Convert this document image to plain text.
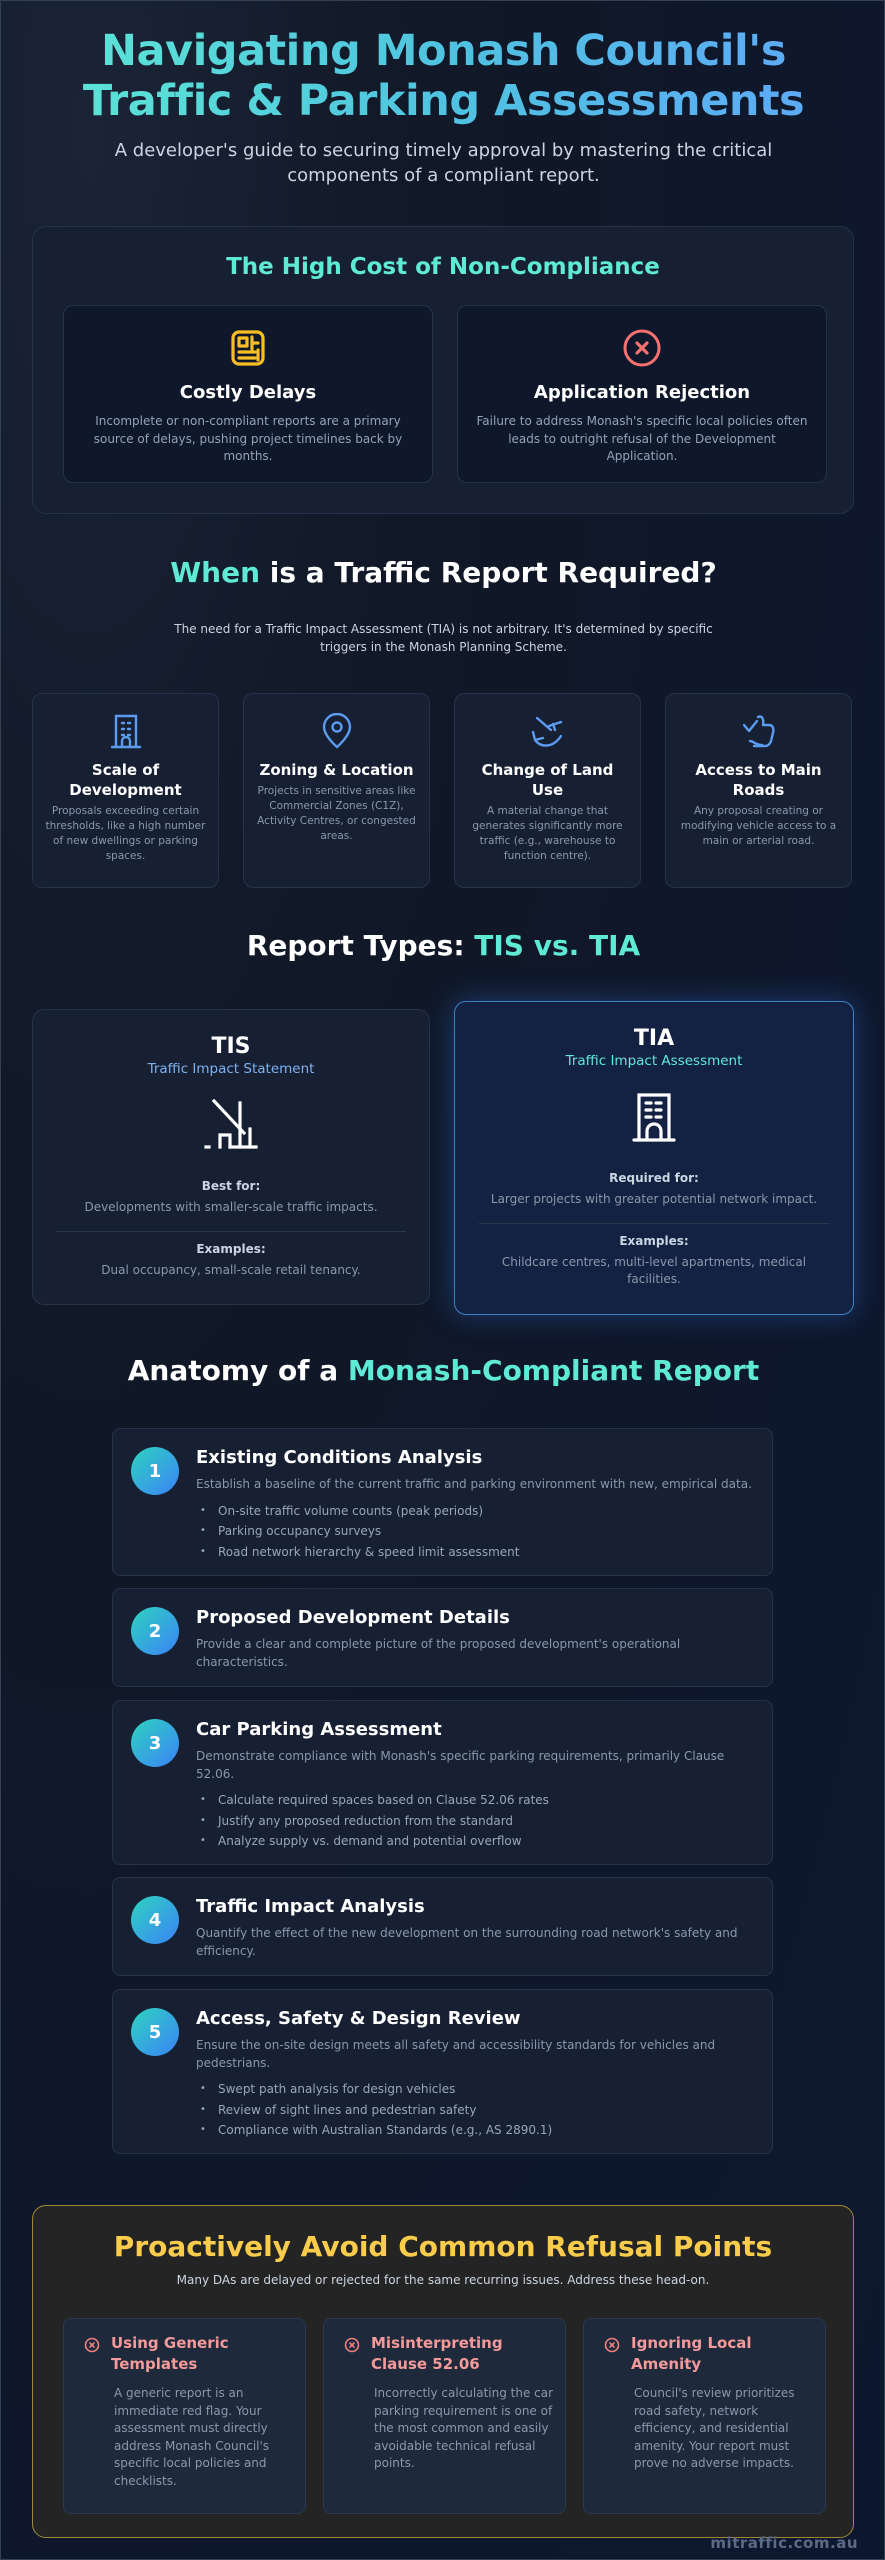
Navigating Monash Council's
Traffic & Parking Assessments

A developer's guide to securing timely approval by mastering the critical components of a compliant report.

The High Cost of Non-Compliance
Costly Delays

Incomplete or non-compliant reports are a primary source of delays, pushing project timelines back by months.

Application Rejection

Failure to address Monash's specific local policies often leads to outright refusal of the Development Application.

When is a Traffic Report Required?

The need for a Traffic Impact Assessment (TIA) is not arbitrary. It's determined by specific triggers in the Monash Planning Scheme.

Scale of Development

Proposals exceeding certain thresholds, like a high number of new dwellings or parking spaces.

Zoning & Location

Projects in sensitive areas like Commercial Zones (C1Z), Activity Centres, or congested areas.

Change of Land Use

A material change that generates significantly more traffic (e.g., warehouse to function centre).

Access to Main Roads

Any proposal creating or modifying vehicle access to a main or arterial road.

Report Types: TIS vs. TIA
TIS
Traffic Impact Statement
Best for:
Developments with smaller-scale traffic impacts.
Examples:
Dual occupancy, small-scale retail tenancy.
TIA
Traffic Impact Assessment
Required for:
Larger projects with greater potential network impact.
Examples:
Childcare centres, multi-level apartments, medical facilities.
Anatomy of a Monash-Compliant Report
1
Existing Conditions Analysis
Establish a baseline of the current traffic and parking environment with new, empirical data.
• On-site traffic volume counts (peak periods)
• Parking occupancy surveys
• Road network hierarchy & speed limit assessment
2
Proposed Development Details
Provide a clear and complete picture of the proposed development's operational characteristics.
3
Car Parking Assessment
Demonstrate compliance with Monash's specific parking requirements, primarily Clause 52.06.
• Calculate required spaces based on Clause 52.06 rates
• Justify any proposed reduction from the standard
• Analyze supply vs. demand and potential overflow
4
Traffic Impact Analysis
Quantify the effect of the new development on the surrounding road network's safety and efficiency.
5
Access, Safety & Design Review
Ensure the on-site design meets all safety and accessibility standards for vehicles and pedestrians.
• Swept path analysis for design vehicles
• Review of sight lines and pedestrian safety
• Compliance with Australian Standards (e.g., AS 2890.1)
Proactively Avoid Common Refusal Points
Many DAs are delayed or rejected for the same recurring issues. Address these head-on.
Using Generic Templates

A generic report is an immediate red flag. Your assessment must directly address Monash Council's specific local policies and checklists.

Misinterpreting Clause 52.06

Incorrectly calculating the car parking requirement is one of the most common and easily avoidable technical refusal points.

Ignoring Local Amenity

Council's review prioritizes road safety, network efficiency, and residential amenity. Your report must prove no adverse impacts.

mitraffic.com.au
